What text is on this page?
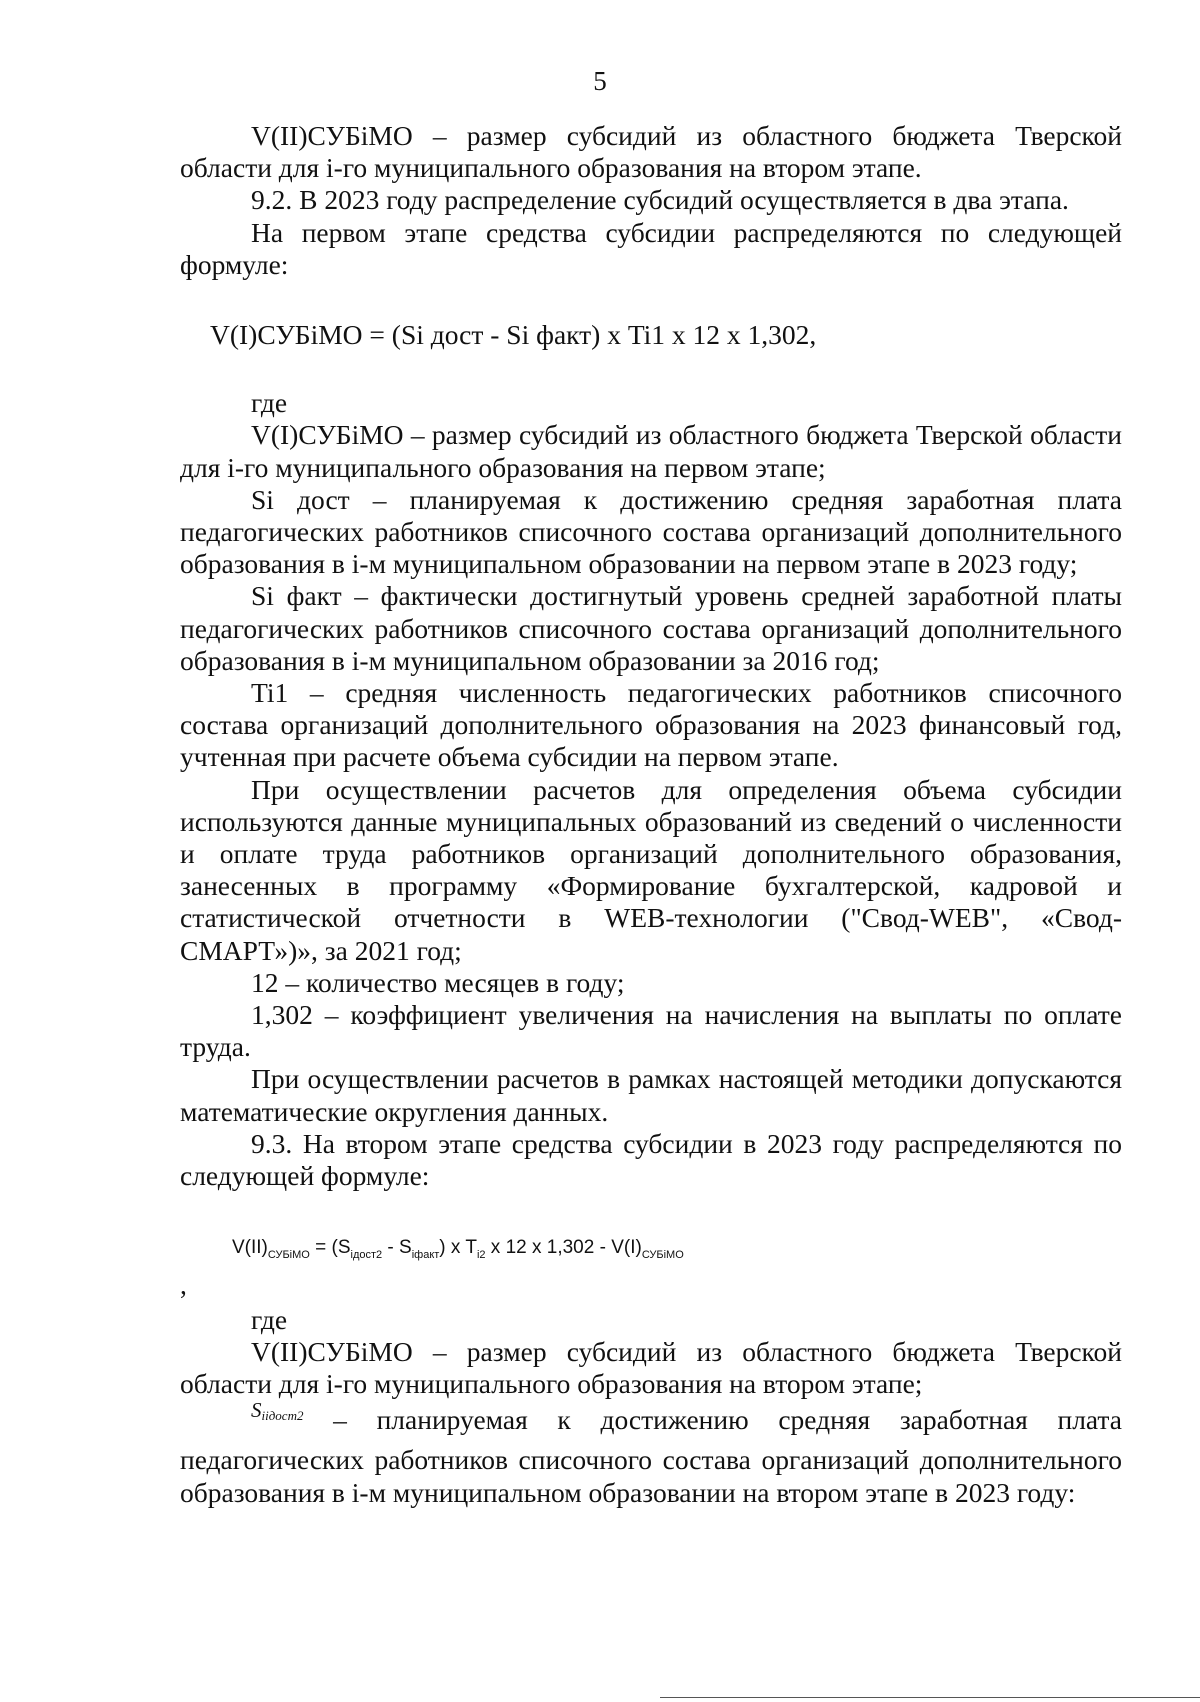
5

V(II)СУБiМО – размер субсидий из областного бюджета Тверской области для i-го муниципального образования на втором этапе.

9.2. В 2023 году распределение субсидий осуществляется в два этапа.

На первом этапе средства субсидии распределяются по следующей формуле:

V(I)СУБiМО = (Si дост - Si факт) х Ti1 х 12 х 1,302,

где

V(I)СУБiМО – размер субсидий из областного бюджета Тверской области для i-го муниципального образования на первом этапе;

Si дост – планируемая к достижению средняя заработная плата педагогических работников списочного состава организаций дополнительного образования в i-м муниципальном образовании на первом этапе в 2023 году;

Si факт – фактически достигнутый уровень средней заработной платы педагогических работников списочного состава организаций дополнительного образования в i-м муниципальном образовании за 2016 год;

Ti1 – средняя численность педагогических работников списочного состава организаций дополнительного образования на 2023 финансовый год, учтенная при расчете объема субсидии на первом этапе.

При осуществлении расчетов для определения объема субсидии используются данные муниципальных образований из сведений о численности и оплате труда работников организаций дополнительного образования, занесенных в программу «Формирование бухгалтерской, кадровой и статистической отчетности в WEB-технологии ("Свод-WEB", «Свод-СМАРТ»)», за 2021 год;

12 – количество месяцев в году;

1,302 – коэффициент увеличения на начисления на выплаты по оплате труда.

При осуществлении расчетов в рамках настоящей методики допускаются математические округления данных.

9.3. На втором этапе средства субсидии в 2023 году распределяются по следующей формуле:

$V(II)_{СУБiМО} = (S_{iдост2} - S_{iфакт})$ x $T_{i2}$ x 12 x $1,302 - V(I)_{СУБiМО}$

,

где

V(II)СУБiМО – размер субсидий из областного бюджета Тверской области для i-го муниципального образования на втором этапе;

$^{S_{iiдост2}}$ – планируемая к достижению средняя заработная плата педагогических работников списочного состава организаций дополнительного образования в i-м муниципальном образовании на втором этапе в 2023 году:
